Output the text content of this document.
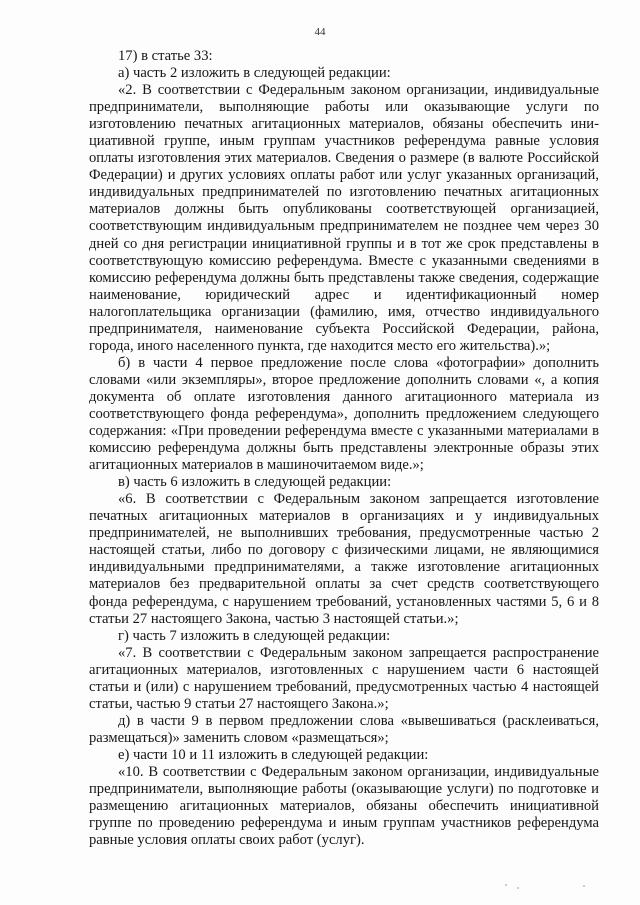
44

17) в статье 33:

а) часть 2 изложить в следующей редакции:

«2. В соответствии с Федеральным законом организации, индивидуальные предприниматели, выполняющие работы или оказывающие услуги по изготовлению печатных агитационных материалов, обязаны обеспечить инициативной группе, иным группам участников референдума равные условия оплаты изготовления этих материалов. Сведения о размере (в валюте Российской Федерации) и других условиях оплаты работ или услуг указанных организаций, индивидуальных предпринимателей по изготовлению печатных агитационных материалов должны быть опубликованы соответствующей организацией, соответствующим индивидуальным предпринимателем не позднее чем через 30 дней со дня регистрации инициативной группы и в тот же срок представлены в соответствующую комиссию референдума. Вместе с указанными сведениями в комиссию референдума должны быть представлены также сведения, содержащие наименование, юридический адрес и идентификационный номер налогоплательщика организации (фамилию, имя, отчество индивидуального предпринимателя, наименование субъекта Российской Федерации, района, города, иного населенного пункта, где находится место его жительства).»;

б) в части 4 первое предложение после слова «фотографии» дополнить словами «или экземпляры», второе предложение дополнить словами «, а копия документа об оплате изготовления данного агитационного материала из соответствующего фонда референдума», дополнить предложением следующего содержания: «При проведении референдума вместе с указанными материалами в комиссию референдума должны быть представлены электронные образы этих агитационных материалов в машиночитаемом виде.»;

в) часть 6 изложить в следующей редакции:

«6. В соответствии с Федеральным законом запрещается изготовление печатных агитационных материалов в организациях и у индивидуальных предпринимателей, не выполнивших требования, предусмотренные частью 2 настоящей статьи, либо по договору с физическими лицами, не являющимися индивидуальными предпринимателями, а также изготовление агитационных материалов без предварительной оплаты за счет средств соответствующего фонда референдума, с нарушением требований, установленных частями 5, 6 и 8 статьи 27 настоящего Закона, частью 3 настоящей статьи.»;

г) часть 7 изложить в следующей редакции:

«7. В соответствии с Федеральным законом запрещается распространение агитационных материалов, изготовленных с нарушением части 6 настоящей статьи и (или) с нарушением требований, предусмотренных частью 4 настоящей статьи, частью 9 статьи 27 настоящего Закона.»;

д) в части 9 в первом предложении слова «вывешиваться (расклеиваться, размещаться)» заменить словом «размещаться»;

е) части 10 и 11 изложить в следующей редакции:

«10. В соответствии с Федеральным законом организации, индивидуальные предприниматели, выполняющие работы (оказывающие услуги) по подготовке и размещению агитационных материалов, обязаны обеспечить инициативной группе по проведению референдума и иным группам участников референдума равные условия оплаты своих работ (услуг).
